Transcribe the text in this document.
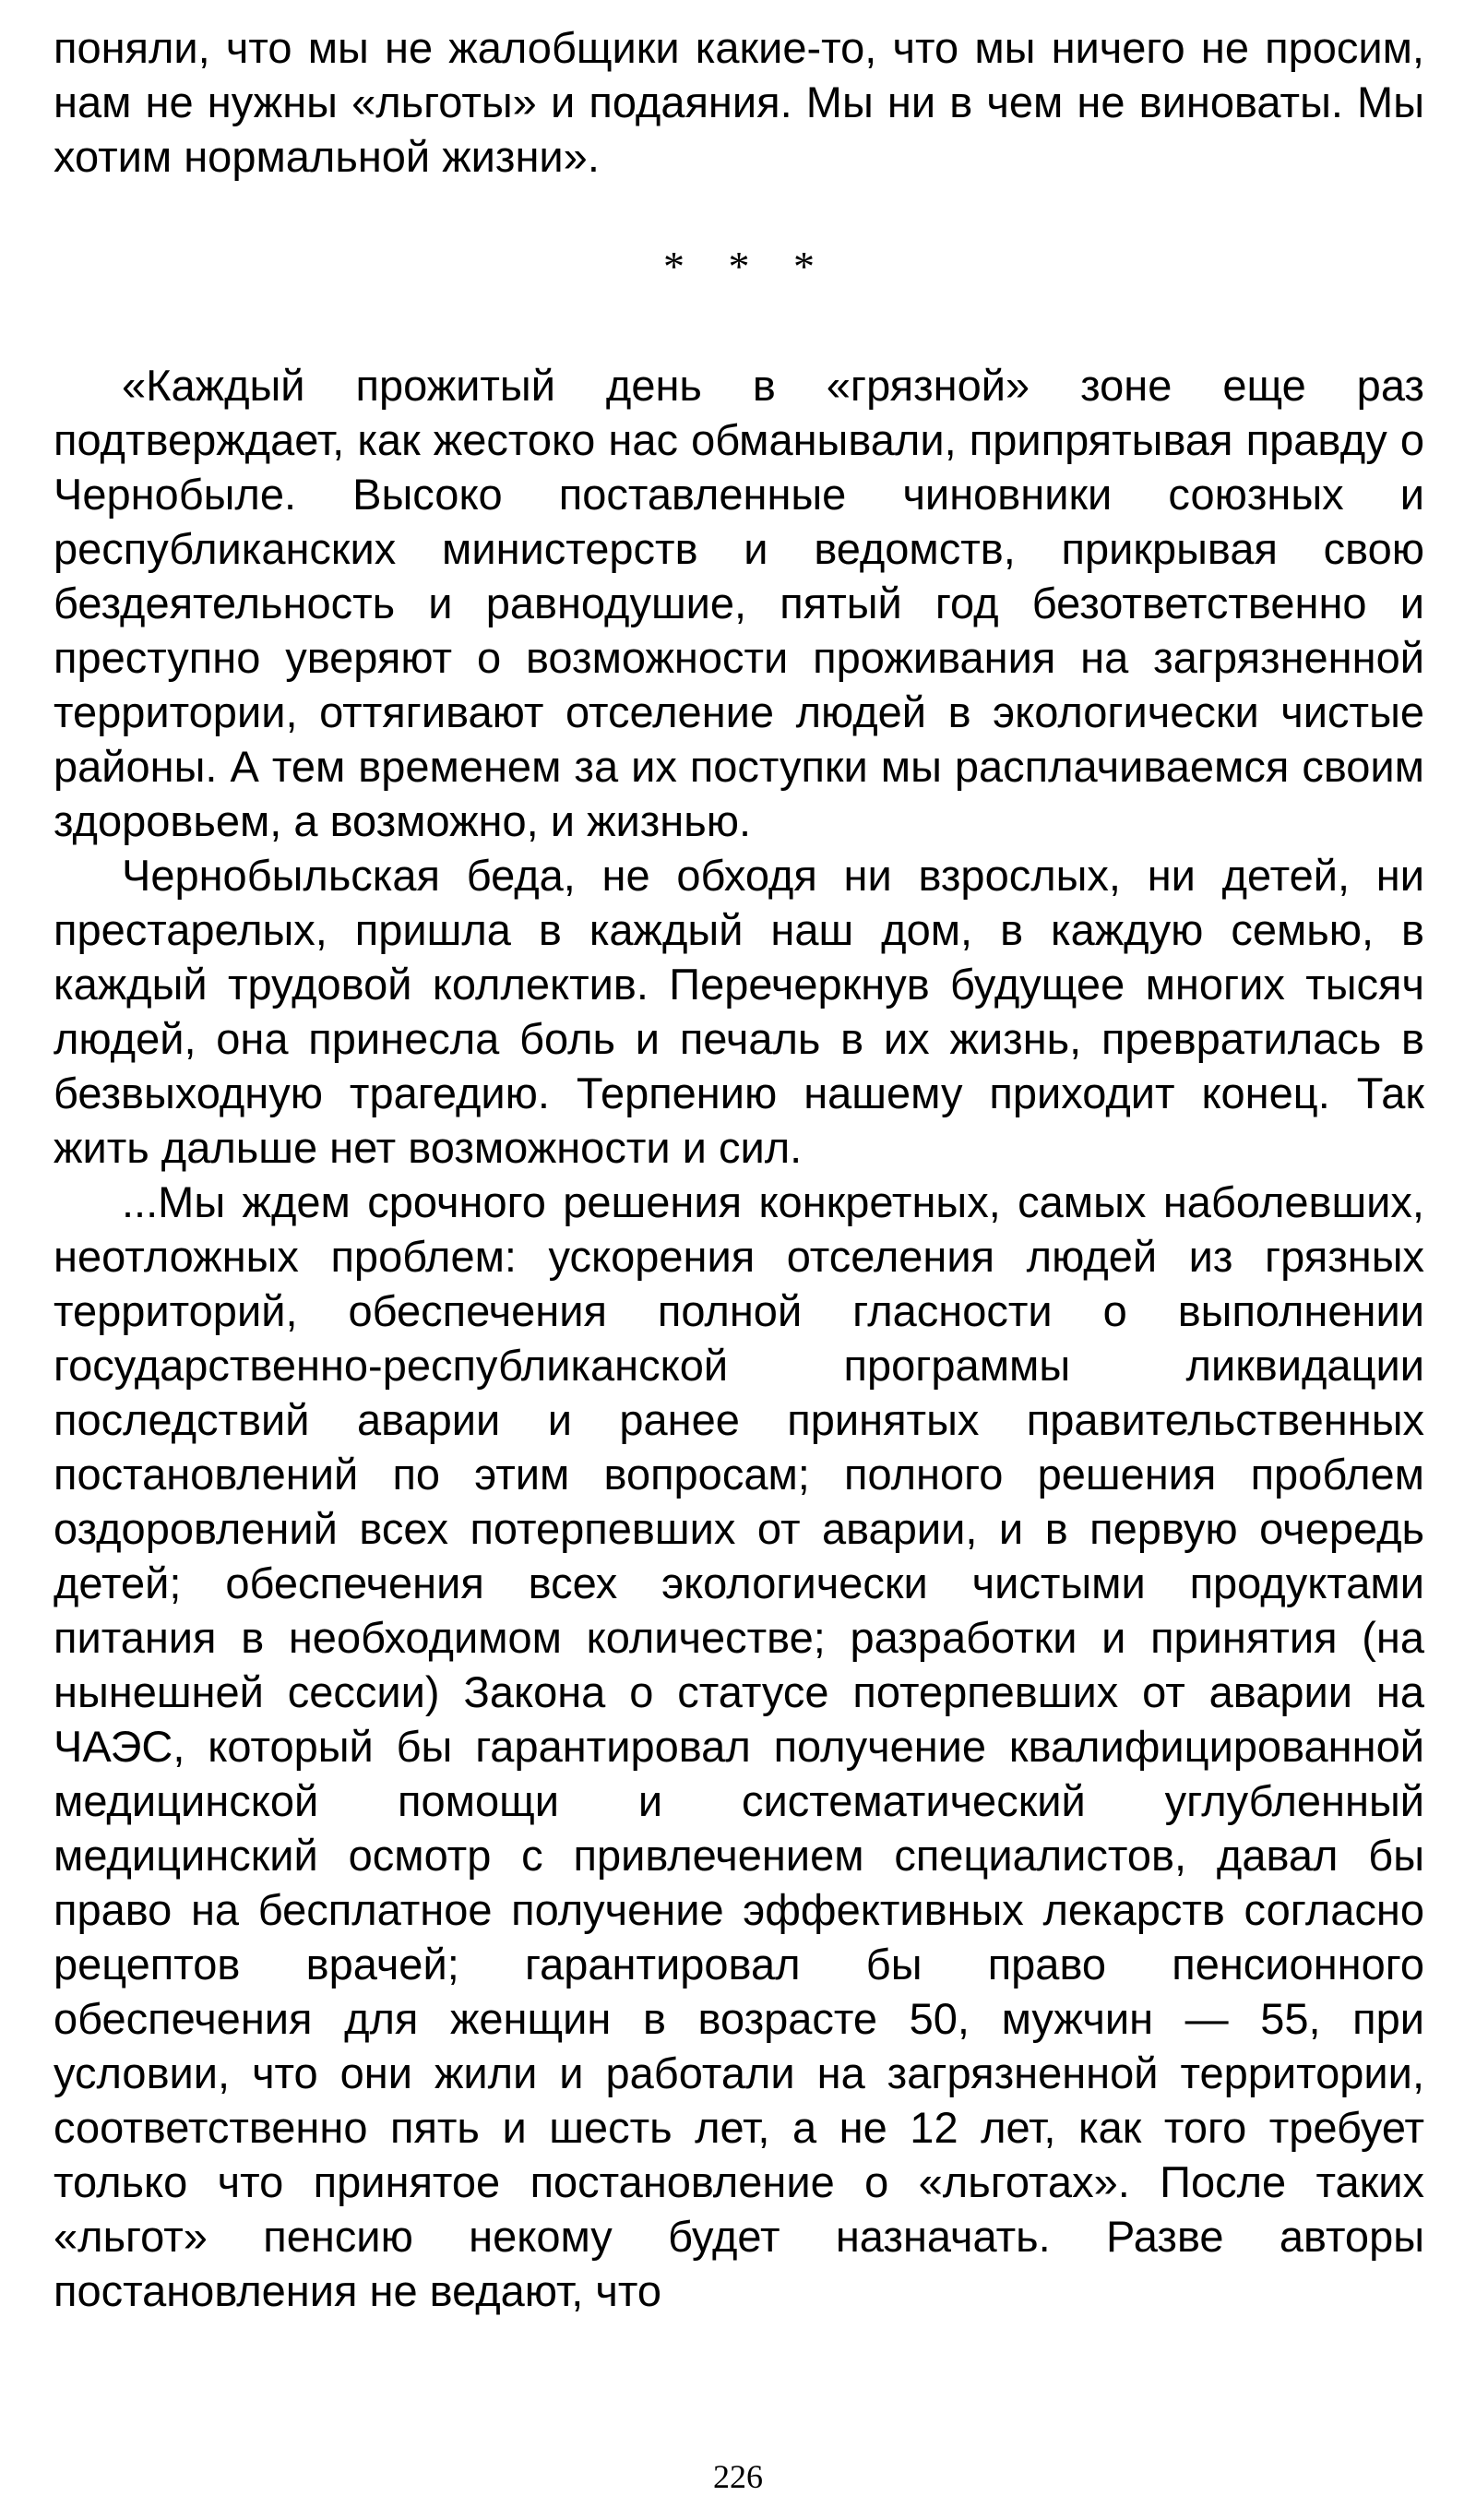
поняли, что мы не жалобщики какие-то, что мы ничего не просим, нам не нужны «льготы» и подаяния. Мы ни в чем не виноваты. Мы хотим нормальной жизни».

* * *

«Каждый прожитый день в «грязной» зоне еще раз подтверждает, как жестоко нас обманывали, припрятывая правду о Чернобыле. Высоко поставленные чиновники союзных и республиканских министерств и ведомств, прикрывая свою бездеятельность и равнодушие, пятый год безответственно и преступно уверяют о возможности проживания на загрязненной территории, оттягивают отселение людей в экологически чистые районы. А тем временем за их поступки мы расплачиваемся своим здоровьем, а возможно, и жизнью.

Чернобыльская беда, не обходя ни взрослых, ни детей, ни престарелых, пришла в каждый наш дом, в каждую семью, в каждый трудовой коллектив. Перечеркнув будущее многих тысяч людей, она принесла боль и печаль в их жизнь, превратилась в безвыходную трагедию. Терпению нашему приходит конец. Так жить дальше нет возможности и сил.

...Мы ждем срочного решения конкретных, самых наболевших, неотложных проблем: ускорения отселения людей из грязных территорий, обеспечения полной гласности о выполнении государственно-республиканской программы ликвидации последствий аварии и ранее принятых правительственных постановлений по этим вопросам; полного решения проблем оздоровлений всех потерпевших от аварии, и в первую очередь детей; обеспечения всех экологически чистыми продуктами питания в необходимом количестве; разработки и принятия (на нынешней сессии) Закона о статусе потерпевших от аварии на ЧАЭС, который бы гарантировал получение квалифицированной медицинской помощи и систематический углубленный медицинский осмотр с привлечением специалистов, давал бы право на бесплатное получение эффективных лекарств согласно рецептов врачей; гарантировал бы право пенсионного обеспечения для женщин в возрасте 50, мужчин — 55, при условии, что они жили и работали на загрязненной территории, соответственно пять и шесть лет, а не 12 лет, как того требует только что принятое постановление о «льготах». После таких «льгот» пенсию некому будет назначать. Разве авторы постановления не ведают, что

226
